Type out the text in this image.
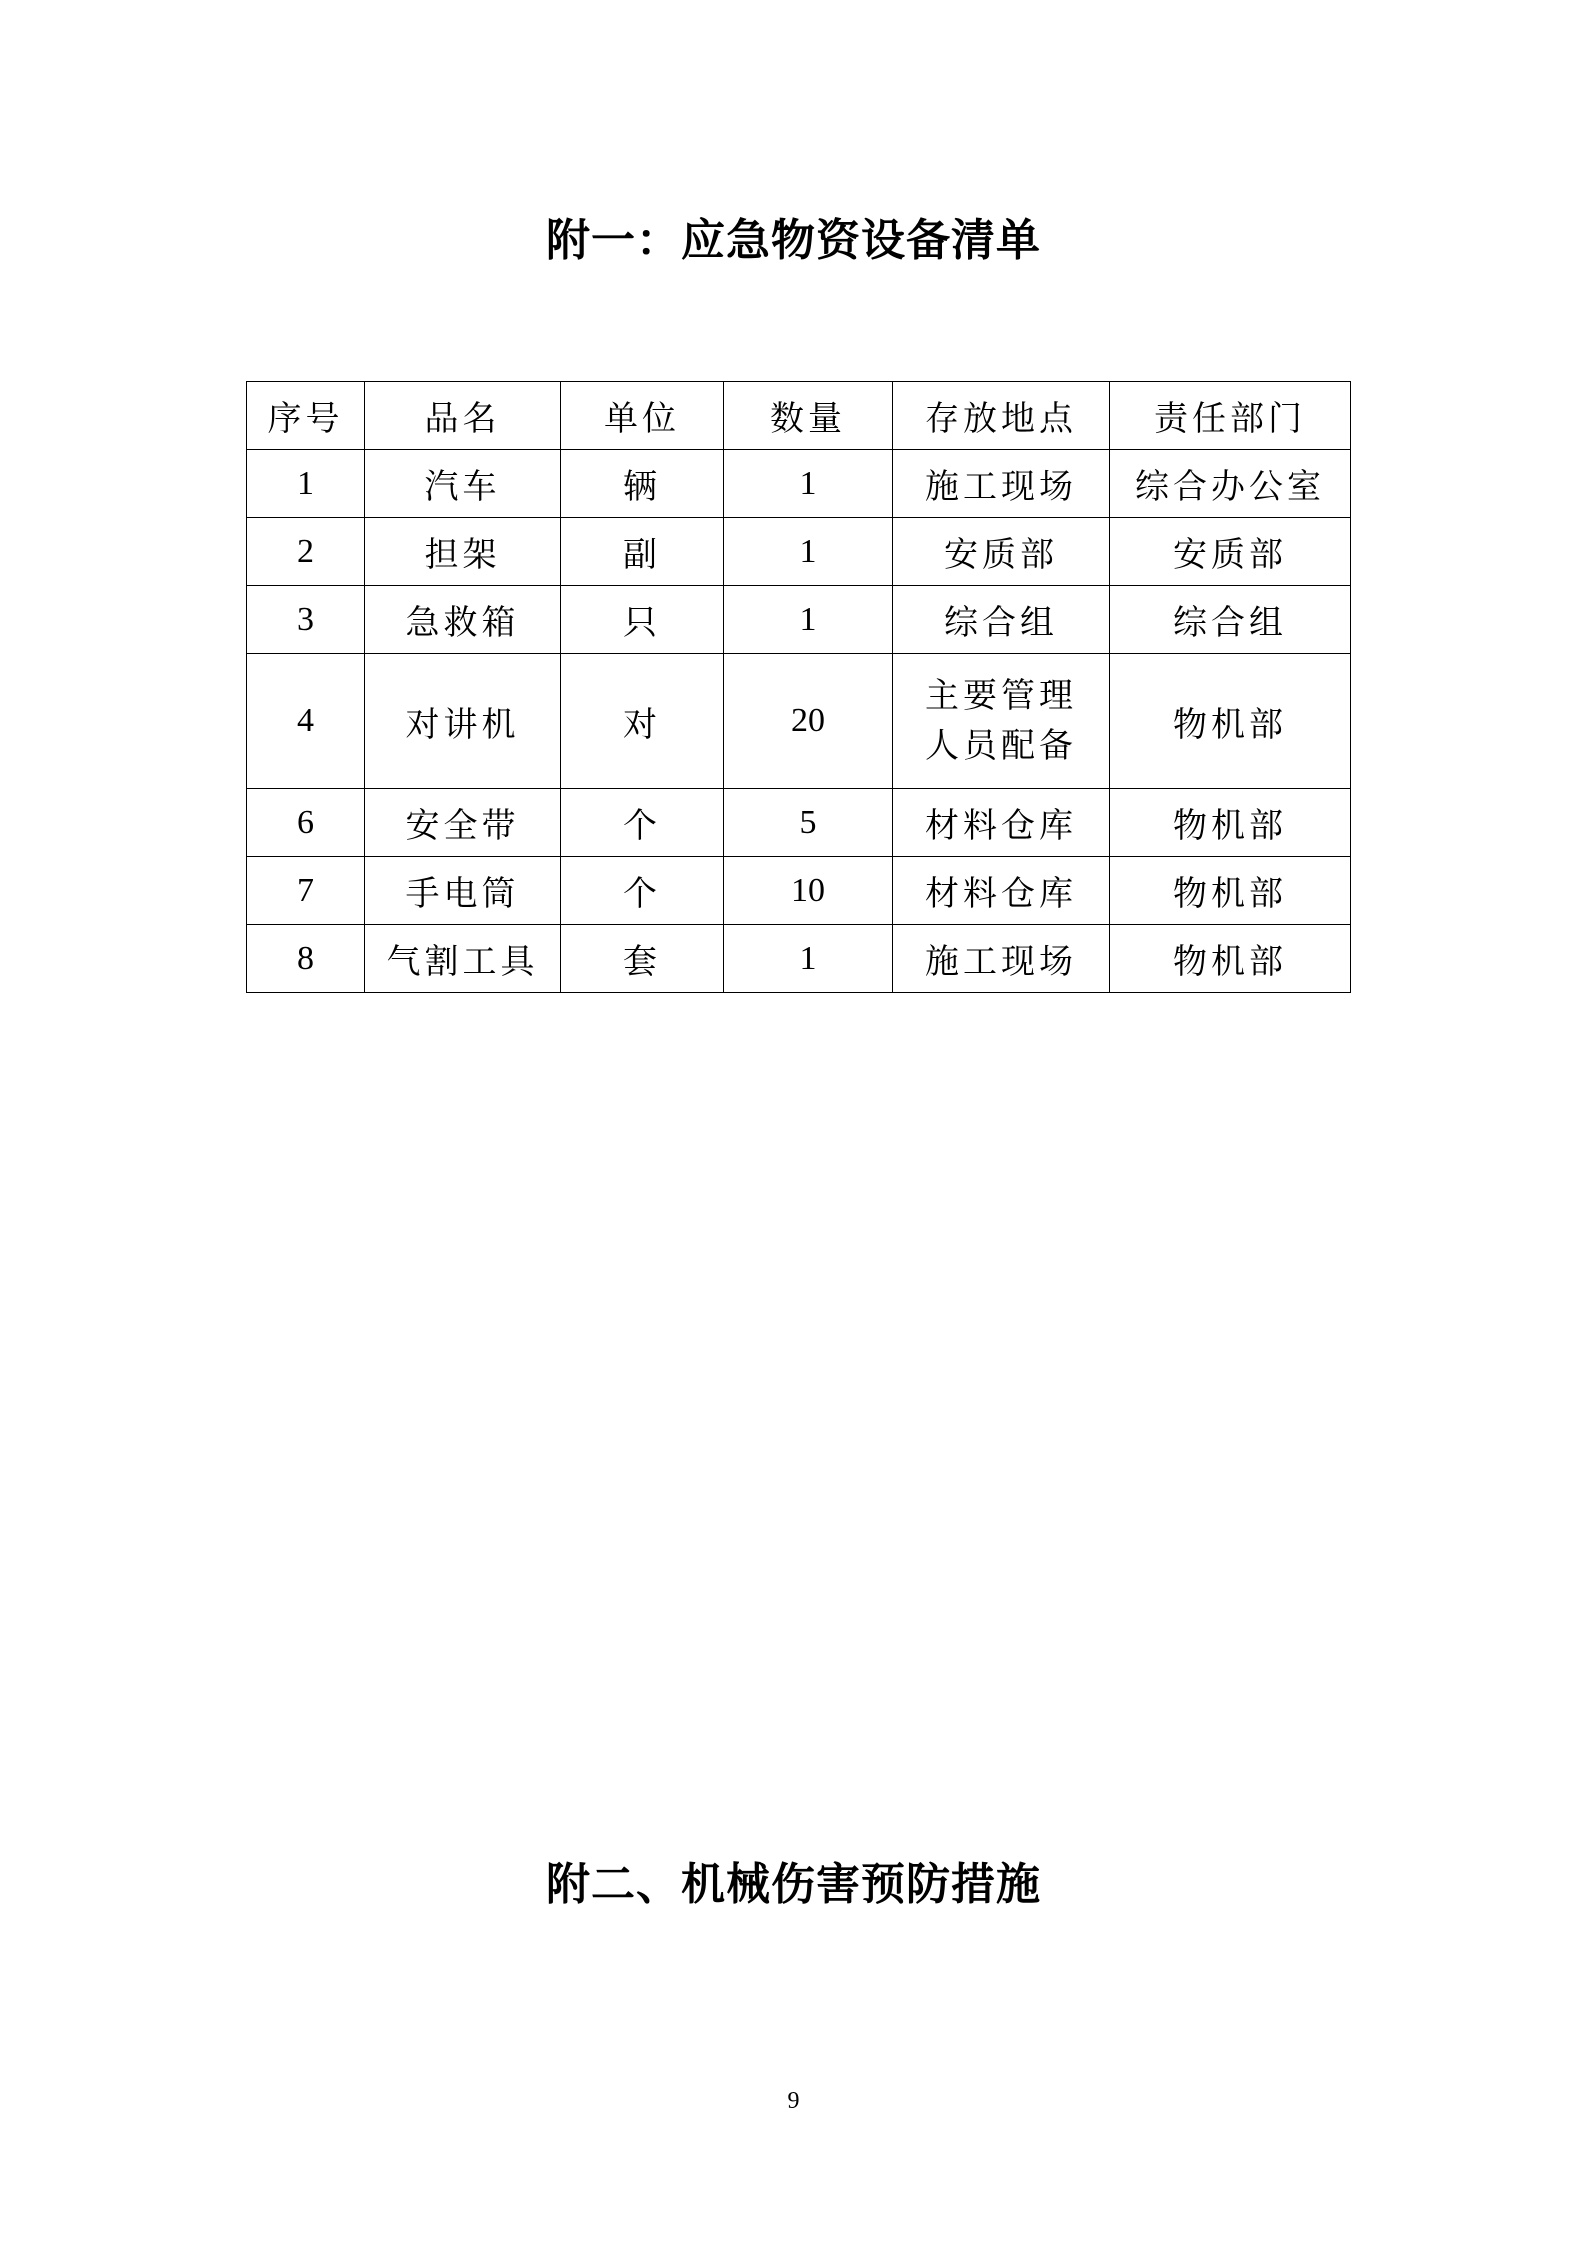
附一：应急物资设备清单
序号	品名	单位	数量	存放地点	责任部门
1	汽车	辆	1	施工现场	综合办公室
2	担架	副	1	安质部	安质部
3	急救箱	只	1	综合组	综合组
4	对讲机	对	20	主要管理人员配备	物机部
6	安全带	个	5	材料仓库	物机部
7	手电筒	个	10	材料仓库	物机部
8	气割工具	套	1	施工现场	物机部
附二、机械伤害预防措施
9
